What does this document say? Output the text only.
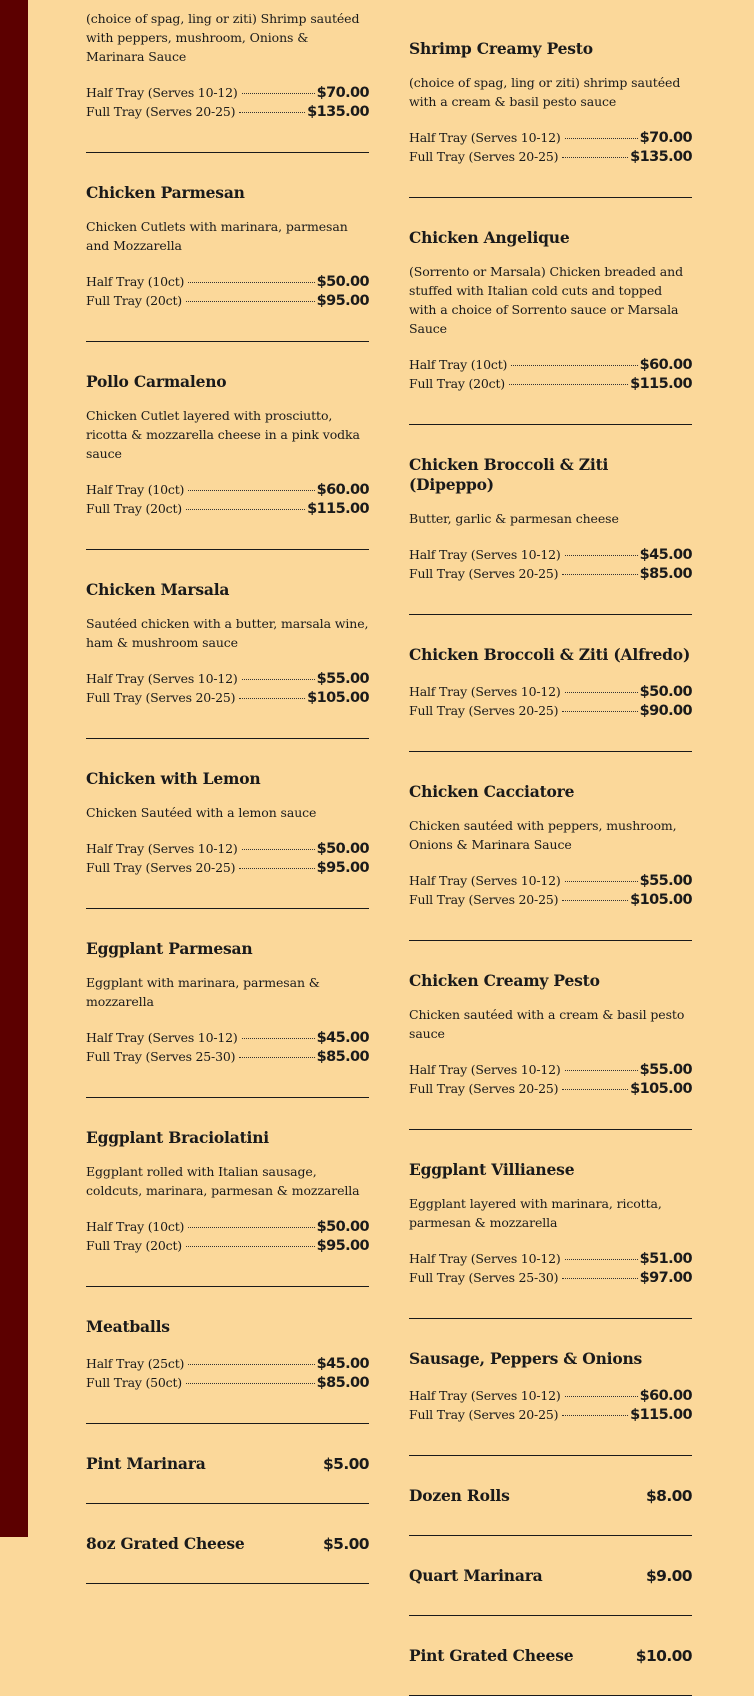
(choice of spag, ling or ziti) Shrimp sautéed with peppers, mushroom, Onions & Marinara Sauce
Half Tray (Serves 10-12)	$70.00
Full Tray (Serves 20-25)	$135.00
Chicken Parmesan
Chicken Cutlets with marinara, parmesan and Mozzarella
Half Tray (10ct)	$50.00
Full Tray (20ct)	$95.00
Pollo Carmaleno
Chicken Cutlet layered with prosciutto, ricotta & mozzarella cheese in a pink vodka sauce
Half Tray (10ct)	$60.00
Full Tray (20ct)	$115.00
Chicken Marsala
Sautéed chicken with a butter, marsala wine, ham & mushroom sauce
Half Tray (Serves 10-12)	$55.00
Full Tray (Serves 20-25)	$105.00
Chicken with Lemon
Chicken Sautéed with a lemon sauce
Half Tray (Serves 10-12)	$50.00
Full Tray (Serves 20-25)	$95.00
Eggplant Parmesan
Eggplant with marinara, parmesan & mozzarella
Half Tray (Serves 10-12)	$45.00
Full Tray (Serves 25-30)	$85.00
Eggplant Braciolatini
Eggplant rolled with Italian sausage, coldcuts, marinara, parmesan & mozzarella
Half Tray (10ct)	$50.00
Full Tray (20ct)	$95.00
Meatballs
Half Tray (25ct)	$45.00
Full Tray (50ct)	$85.00
Pint Marinara	$5.00
8oz Grated Cheese	$5.00
Shrimp Creamy Pesto
(choice of spag, ling or ziti) shrimp sautéed with a cream & basil pesto sauce
Half Tray (Serves 10-12)	$70.00
Full Tray (Serves 20-25)	$135.00
Chicken Angelique
(Sorrento or Marsala) Chicken breaded and stuffed with Italian cold cuts and topped with a choice of Sorrento sauce or Marsala Sauce
Half Tray (10ct)	$60.00
Full Tray (20ct)	$115.00
Chicken Broccoli & Ziti (Dipeppo)
Butter, garlic & parmesan cheese
Half Tray (Serves 10-12)	$45.00
Full Tray (Serves 20-25)	$85.00
Chicken Broccoli & Ziti (Alfredo)
Half Tray (Serves 10-12)	$50.00
Full Tray (Serves 20-25)	$90.00
Chicken Cacciatore
Chicken sautéed with peppers, mushroom, Onions & Marinara Sauce
Half Tray (Serves 10-12)	$55.00
Full Tray (Serves 20-25)	$105.00
Chicken Creamy Pesto
Chicken sautéed with a cream & basil pesto sauce
Half Tray (Serves 10-12)	$55.00
Full Tray (Serves 20-25)	$105.00
Eggplant Villianese
Eggplant layered with marinara, ricotta, parmesan & mozzarella
Half Tray (Serves 10-12)	$51.00
Full Tray (Serves 25-30)	$97.00
Sausage, Peppers & Onions
Half Tray (Serves 10-12)	$60.00
Full Tray (Serves 20-25)	$115.00
Dozen Rolls	$8.00
Quart Marinara	$9.00
Pint Grated Cheese	$10.00
